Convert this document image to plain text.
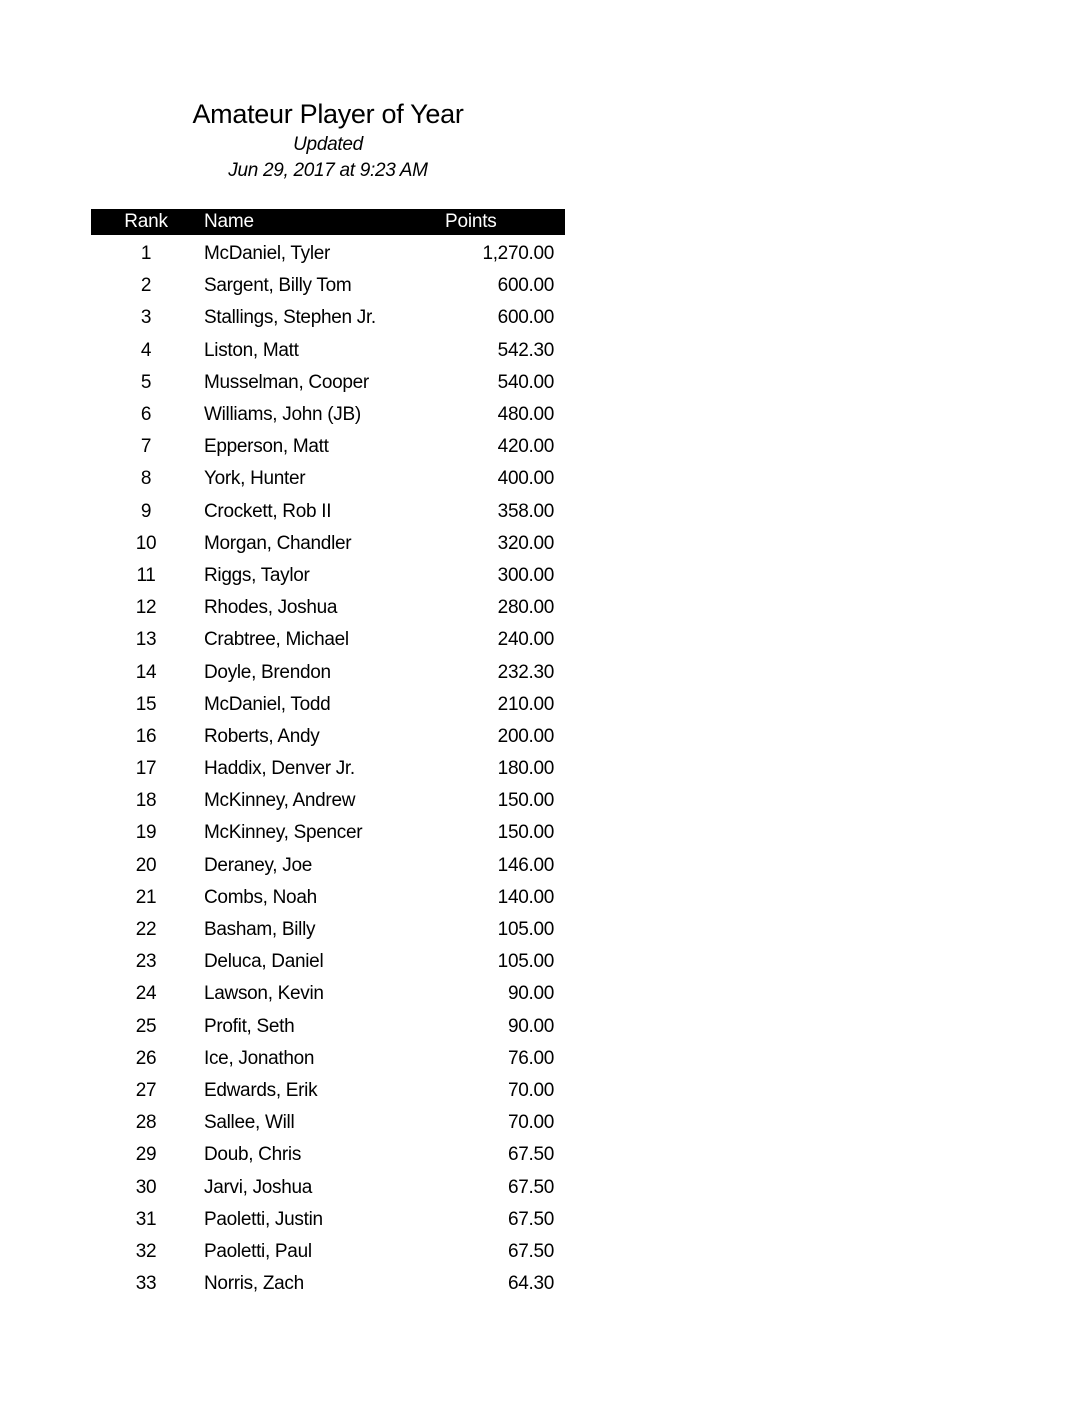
Amateur Player of Year
Updated
Jun 29, 2017 at 9:23 AM
Rank	Name	Points
1	McDaniel, Tyler	1,270.00
2	Sargent, Billy Tom	600.00
3	Stallings, Stephen Jr.	600.00
4	Liston, Matt	542.30
5	Musselman, Cooper	540.00
6	Williams, John (JB)	480.00
7	Epperson, Matt	420.00
8	York, Hunter	400.00
9	Crockett, Rob II	358.00
10	Morgan, Chandler	320.00
11	Riggs, Taylor	300.00
12	Rhodes, Joshua	280.00
13	Crabtree, Michael	240.00
14	Doyle, Brendon	232.30
15	McDaniel, Todd	210.00
16	Roberts, Andy	200.00
17	Haddix, Denver Jr.	180.00
18	McKinney, Andrew	150.00
19	McKinney, Spencer	150.00
20	Deraney, Joe	146.00
21	Combs, Noah	140.00
22	Basham, Billy	105.00
23	Deluca, Daniel	105.00
24	Lawson, Kevin	90.00
25	Profit, Seth	90.00
26	Ice, Jonathon	76.00
27	Edwards, Erik	70.00
28	Sallee, Will	70.00
29	Doub, Chris	67.50
30	Jarvi, Joshua	67.50
31	Paoletti, Justin	67.50
32	Paoletti, Paul	67.50
33	Norris, Zach	64.30
